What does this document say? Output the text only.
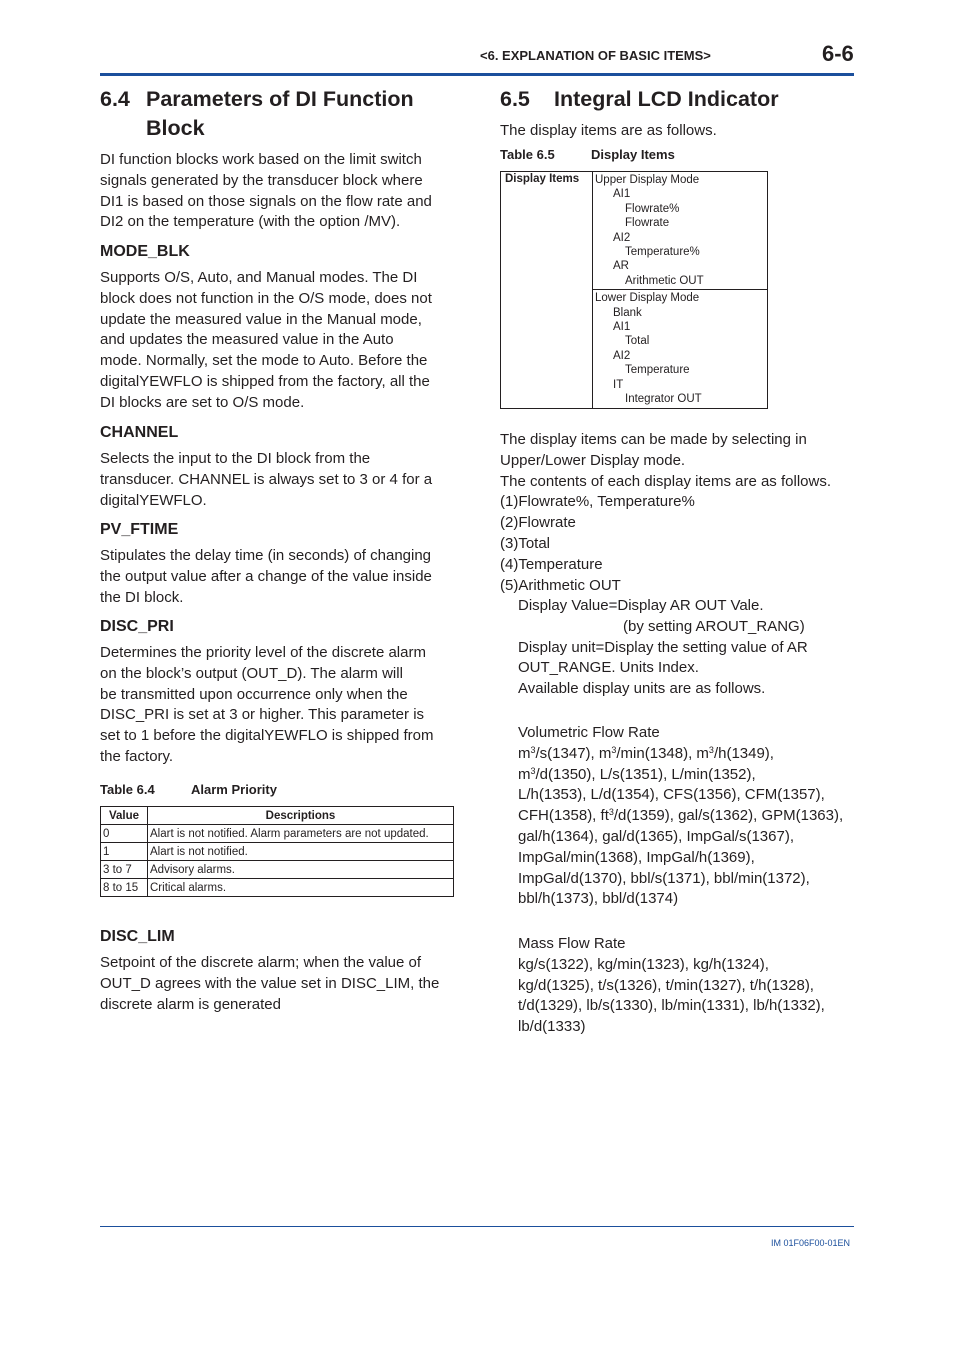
<6. EXPLANATION OF BASIC ITEMS>	6-6
6.4 Parameters of DI Function
Block
DI function blocks work based on the limit switch
signals generated by the transducer block where
DI1 is based on those signals on the flow rate and
DI2 on the temperature (with the option /MV).
MODE_BLK
Supports O/S, Auto, and Manual modes. The DI
block does not function in the O/S mode, does not
update the measured value in the Manual mode,
and updates the measured value in the Auto
mode. Normally, set the mode to Auto. Before the
digitalYEWFLO is shipped from the factory, all the
DI blocks are set to O/S mode.
CHANNEL
Selects the input to the DI block from the
transducer. CHANNEL is always set to 3 or 4 for a
digitalYEWFLO.
PV_FTIME
Stipulates the delay time (in seconds) of changing
the output value after a change of the value inside
the DI block.
DISC_PRI
Determines the priority level of the discrete alarm
on the block’s output (OUT_D). The alarm will
be transmitted upon occurrence only when the
DISC_PRI is set at 3 or higher. This parameter is
set to 1 before the digitalYEWFLO is shipped from
the factory.
Table 6.4	Alarm Priority
Value	Descriptions
0	Alart is not notified. Alarm parameters are not updated.
1	Alart is not notified.
3 to 7	Advisory alarms.
8 to 15	Critical alarms.
DISC_LIM
Setpoint of the discrete alarm; when the value of
OUT_D agrees with the value set in DISC_LIM, the
discrete alarm is generated
6.5 Integral LCD Indicator
The display items are as follows.
Table 6.5	Display Items
Display Items	Upper Display Mode
AI1
Flowrate%
Flowrate
AI2
Temperature%
AR
Arithmetic OUT

Lower Display Mode
Blank
AI1
Total
AI2
Temperature
IT
Integrator OUT
The display items can be made by selecting in
Upper/Lower Display mode.
The contents of each display items are as follows.
(1)Flowrate%, Temperature%
(2)Flowrate
(3)Total
(4)Temperature
(5)Arithmetic OUT
Display Value=Display AR OUT Vale.
(by setting AROUT_RANG)
Display unit=Display the setting value of AR
OUT_RANGE. Units Index.
Available display units are as follows.
Volumetric Flow Rate
$m^3/s(1347)$, $m^3/\min(1348)$, $m^3/h(1349)$,
$m^3/d(1350)$, L/s(1351), L/min(1352),
L/h(1353), L/d(1354), CFS(1356), CFM(1357),
CFH(1358), $ft^3/d(1359)$, gal/s(1362), GPM(1363),
gal/h(1364), gal/d(1365), ImpGal/s(1367),
ImpGal/min(1368), ImpGal/h(1369),
ImpGal/d(1370), bbl/s(1371), bbl/min(1372),
bbl/h(1373), bbl/d(1374)
Mass Flow Rate
kg/s(1322), kg/min(1323), kg/h(1324),
kg/d(1325), t/s(1326), t/min(1327), t/h(1328),
t/d(1329), lb/s(1330), lb/min(1331), lb/h(1332),
lb/d(1333)
IM 01F06F00-01EN
